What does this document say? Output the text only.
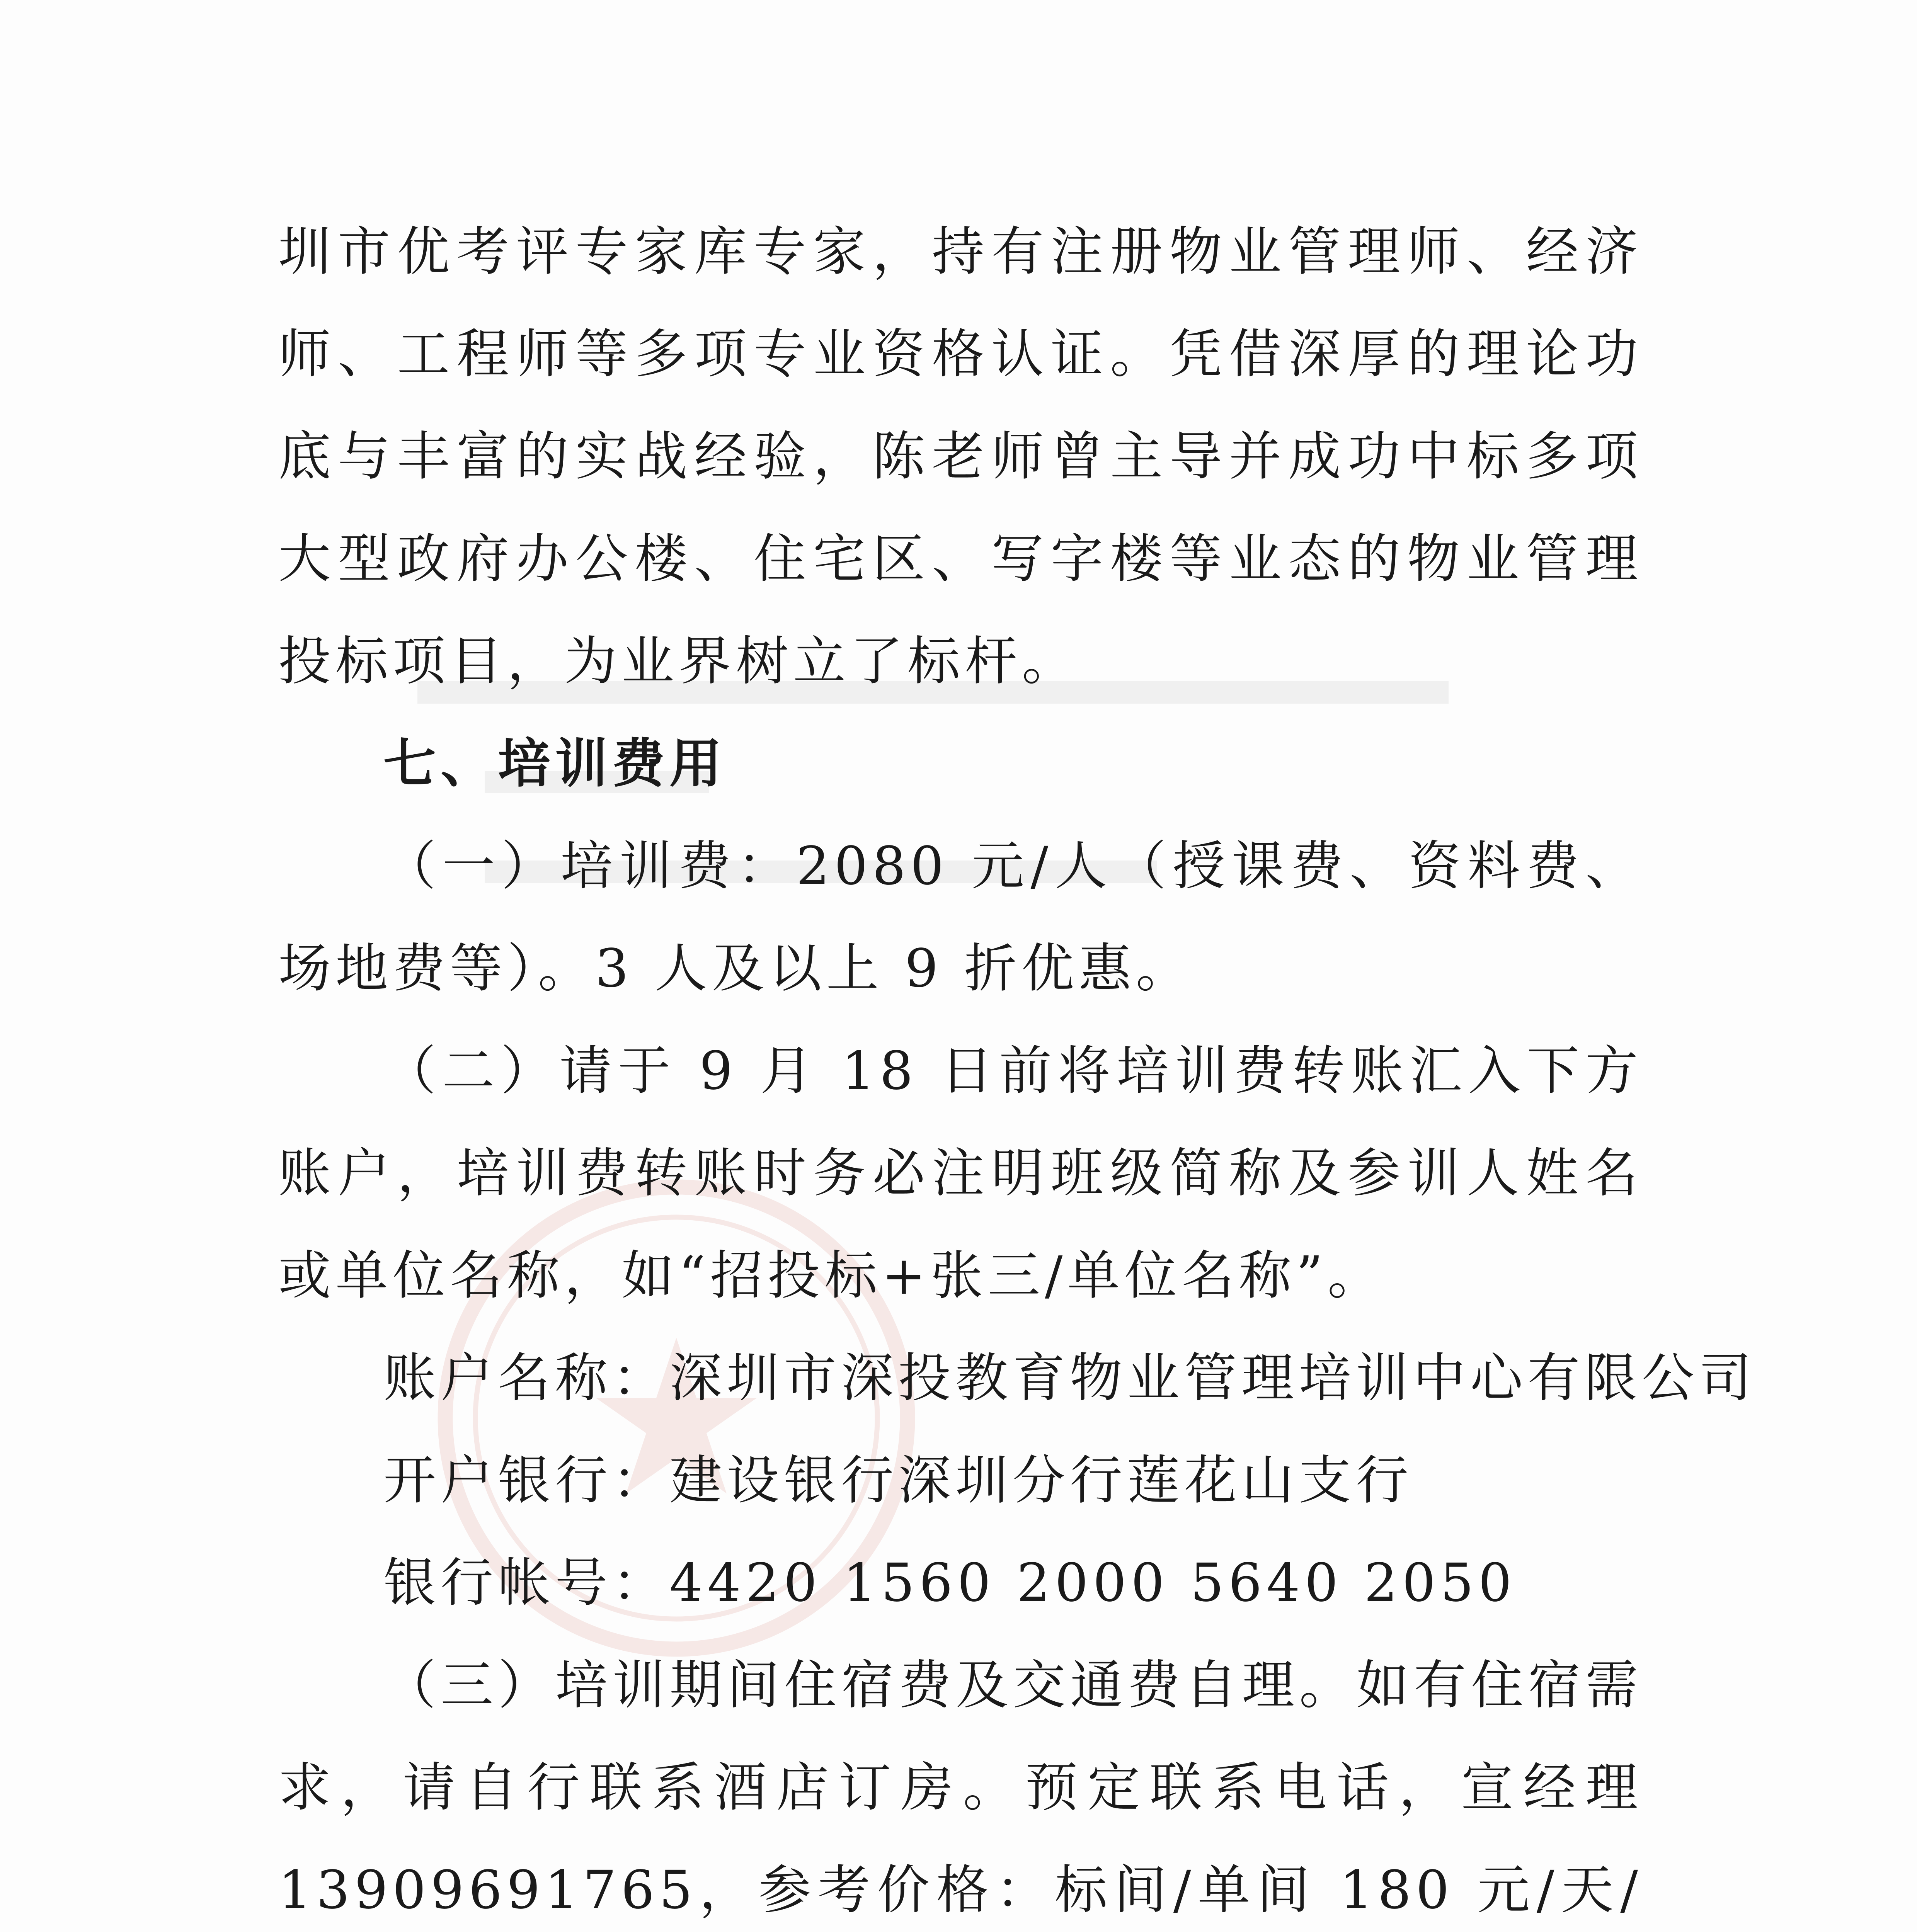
圳市优考评专家库专家，持有注册物业管理师、经济师、工程师等多项专业资格认证。凭借深厚的理论功底与丰富的实战经验，陈老师曾主导并成功中标多项大型政府办公楼、住宅区、写字楼等业态的物业管理投标项目，为业界树立了标杆。

七、培训费用

（一）培训费：2080 元/人（授课费、资料费、场地费等）。3 人及以上 9 折优惠。

（二）请于 9 月 18 日前将培训费转账汇入下方账户，培训费转账时务必注明班级简称及参训人姓名或单位名称，如“招投标+张三/单位名称”。

账户名称：深圳市深投教育物业管理培训中心有限公司

开户银行：建设银行深圳分行莲花山支行

银行帐号：4420 1560 2000 5640 2050

（三）培训期间住宿费及交通费自理。如有住宿需求，请自行联系酒店订房。预定联系电话，宣经理 13909691765，参考价格：标间/单间 180 元/天/
